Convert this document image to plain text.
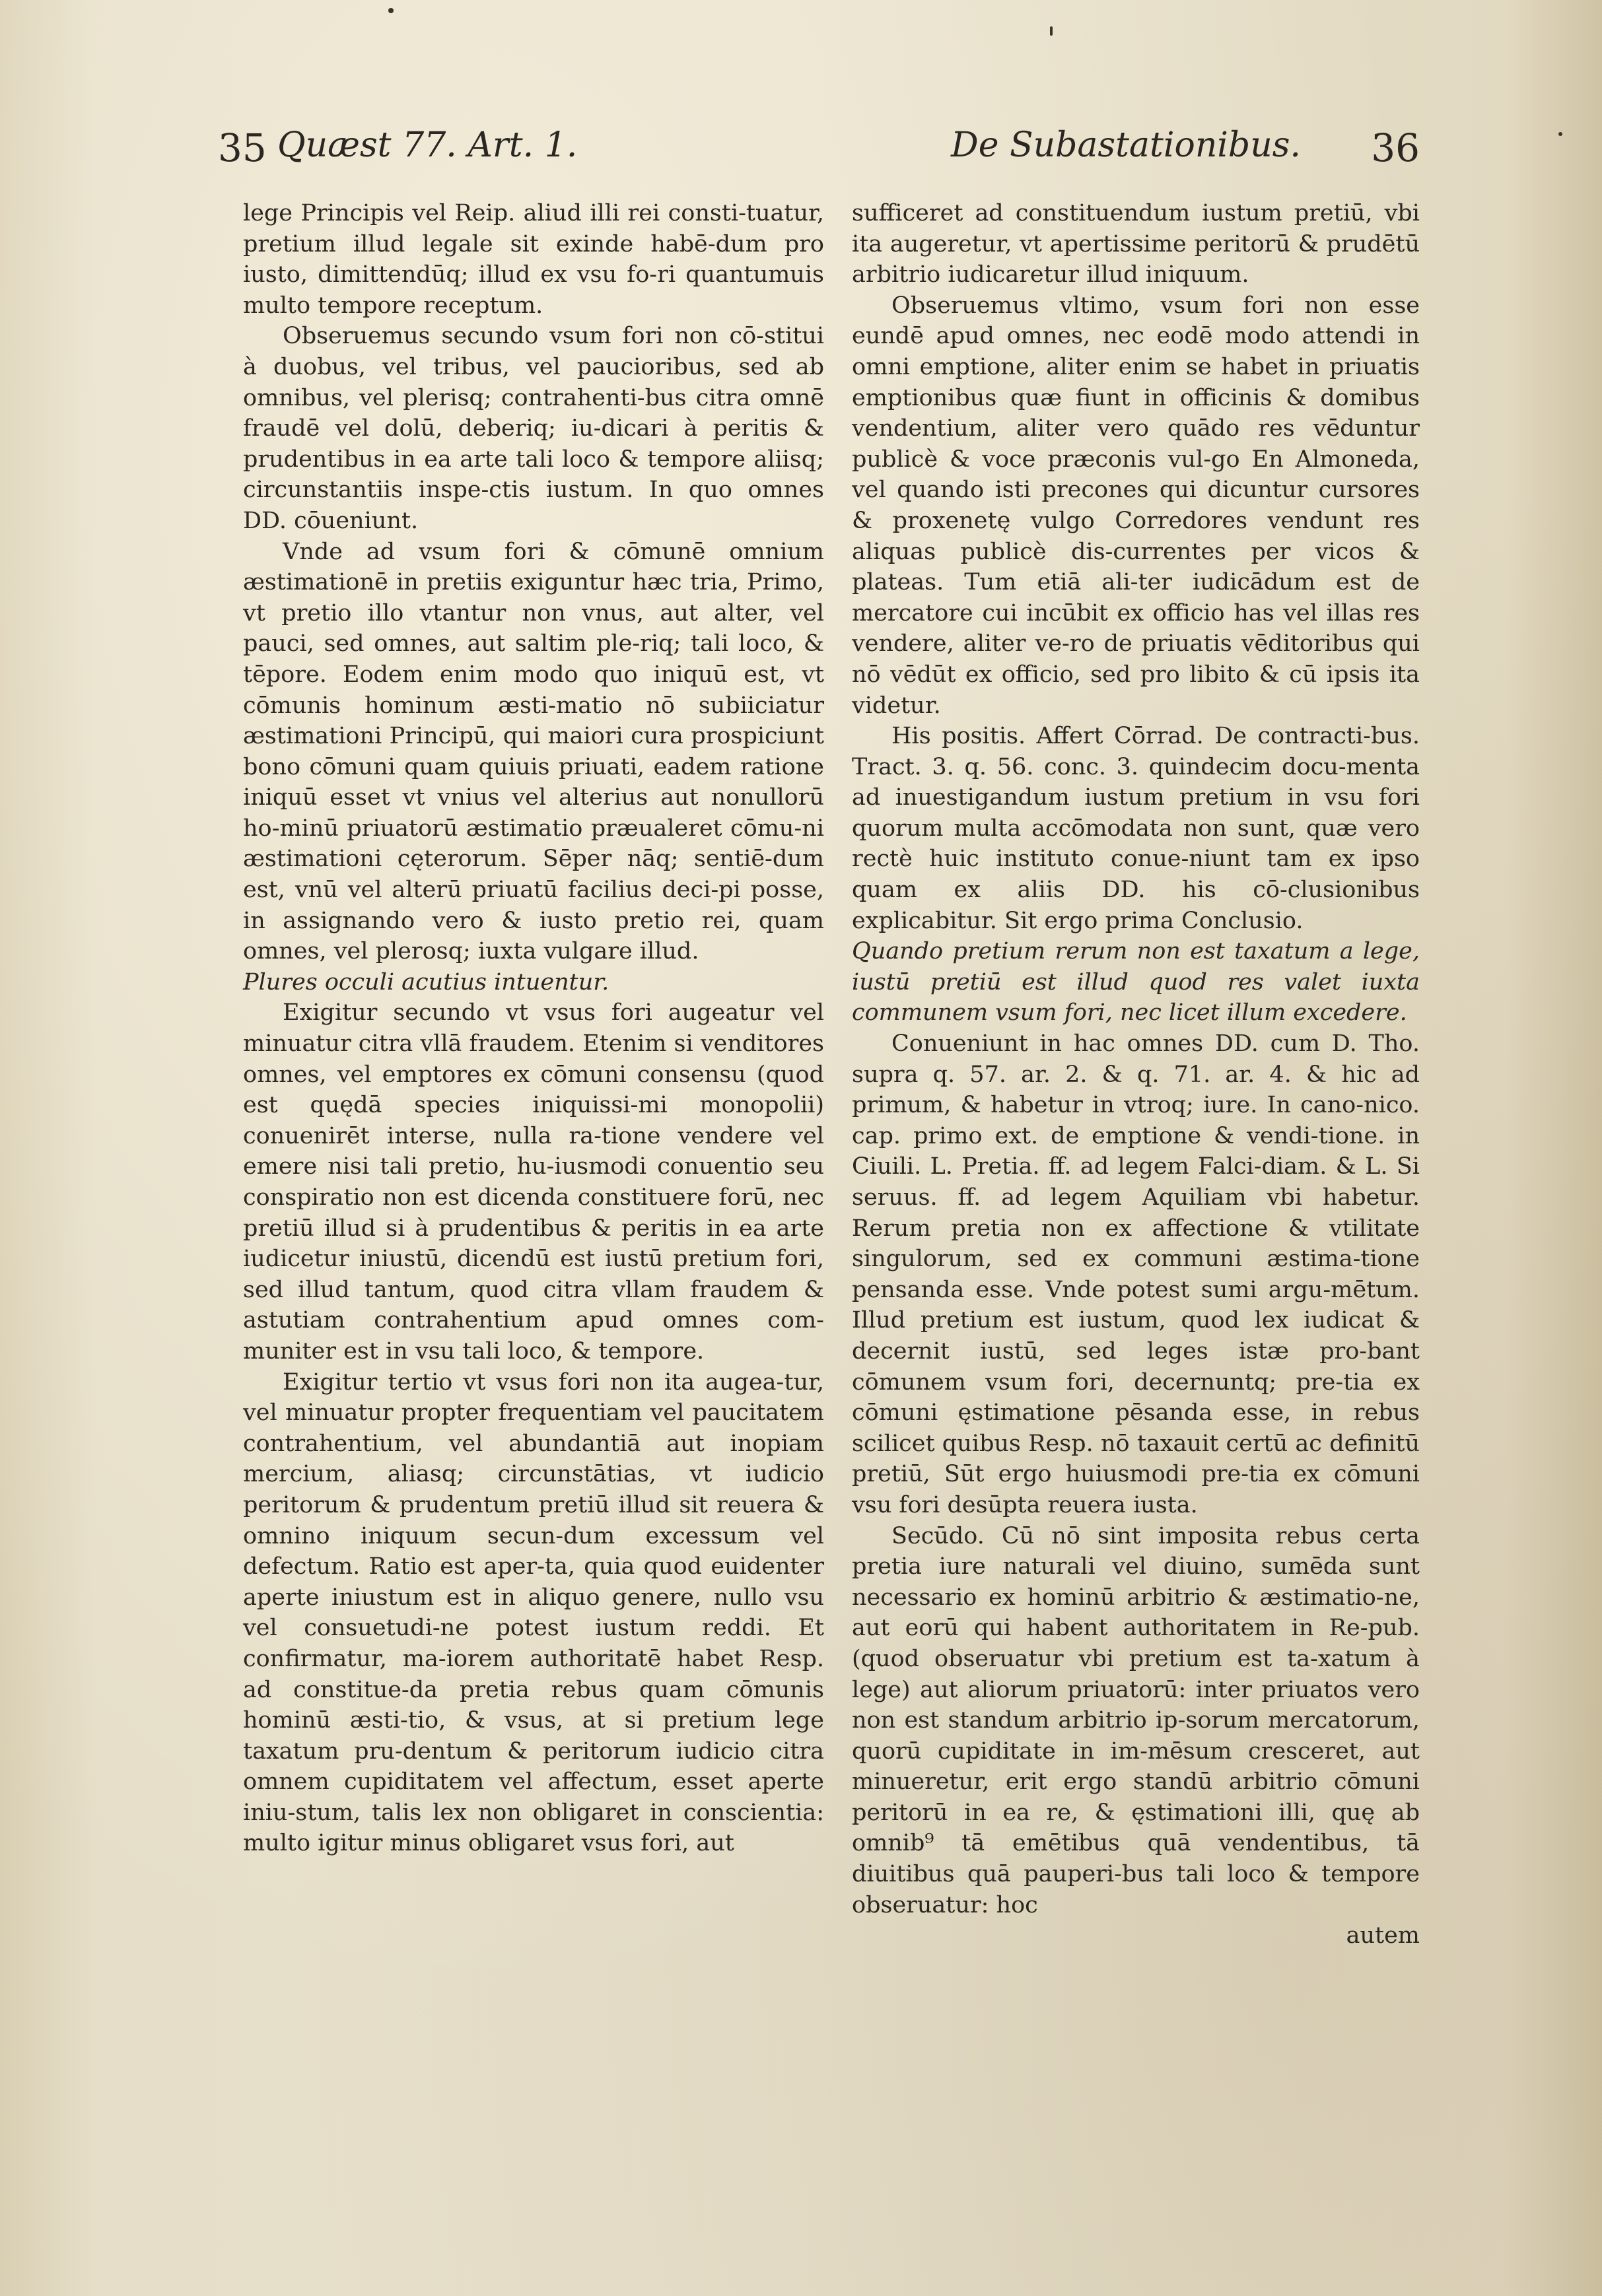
35 Quæst 77. Art. 1.	De Subastationibus. 36

lege Principis vel Reip. aliud illi rei consti-tuatur, pretium illud legale sit exinde habē-dum pro iusto, dimittendūq; illud ex vsu fo-ri quantumuis multo tempore receptum.

Obseruemus secundo vsum fori non cō-stitui à duobus, vel tribus, vel paucioribus, sed ab omnibus, vel plerisq; contrahenti-bus citra omnē fraudē vel dolū, deberiq; iu-dicari à peritis & prudentibus in ea arte tali loco & tempore aliisq; circunstantiis inspe-ctis iustum. In quo omnes DD. cōueniunt.

Vnde ad vsum fori & cōmunē omnium æstimationē in pretiis exiguntur hæc tria, Primo, vt pretio illo vtantur non vnus, aut alter, vel pauci, sed omnes, aut saltim ple-riq; tali loco, & tēpore. Eodem enim modo quo iniquū est, vt cōmunis hominum æsti-matio nō subiiciatur æstimationi Principū, qui maiori cura prospiciunt bono cōmuni quam quiuis priuati, eadem ratione iniquū esset vt vnius vel alterius aut nonullorū ho-minū priuatorū æstimatio præualeret cōmu-ni æstimationi cęterorum. Sēper nāq; sentiē-dum est, vnū vel alterū priuatū facilius deci-pi posse, in assignando vero & iusto pretio rei, quam omnes, vel plerosq; iuxta vulgare illud.

Plures occuli acutius intuentur.

Exigitur secundo vt vsus fori augeatur vel minuatur citra vllā fraudem. Etenim si venditores omnes, vel emptores ex cōmuni consensu (quod est quędā species iniquissi-mi monopolii) conuenirēt interse, nulla ra-tione vendere vel emere nisi tali pretio, hu-iusmodi conuentio seu conspiratio non est dicenda constituere forū, nec pretiū illud si à prudentibus & peritis in ea arte iudicetur iniustū, dicendū est iustū pretium fori, sed illud tantum, quod citra vllam fraudem & astutiam contrahentium apud omnes com-muniter est in vsu tali loco, & tempore.

Exigitur tertio vt vsus fori non ita augea-tur, vel minuatur propter frequentiam vel paucitatem contrahentium, vel abundantiā aut inopiam mercium, aliasq; circunstātias, vt iudicio peritorum & prudentum pretiū illud sit reuera & omnino iniquum secun-dum excessum vel defectum. Ratio est aper-ta, quia quod euidenter aperte iniustum est in aliquo genere, nullo vsu vel consuetudi-ne potest iustum reddi. Et confirmatur, ma-iorem authoritatē habet Resp. ad constitue-da pretia rebus quam cōmunis hominū æsti-tio, & vsus, at si pretium lege taxatum pru-dentum & peritorum iudicio citra omnem cupiditatem vel affectum, esset aperte iniu-stum, talis lex non obligaret in conscientia: multo igitur minus obligaret vsus fori, aut

sufficeret ad constituendum iustum pretiū, vbi ita augeretur, vt apertissime peritorū & prudētū arbitrio iudicaretur illud iniquum.

Obseruemus vltimo, vsum fori non esse eundē apud omnes, nec eodē modo attendi in omni emptione, aliter enim se habet in priuatis emptionibus quæ fiunt in officinis & domibus vendentium, aliter vero quādo res vēduntur publicè & voce præconis vul-go En Almoneda, vel quando isti precones qui dicuntur cursores & proxenetę vulgo Corredores vendunt res aliquas publicè dis-currentes per vicos & plateas. Tum etiā ali-ter iudicādum est de mercatore cui incūbit ex officio has vel illas res vendere, aliter ve-ro de priuatis vēditoribus qui nō vēdūt ex officio, sed pro libito & cū ipsis ita videtur.

His positis. Affert Cōrrad. De contracti-bus. Tract. 3. q. 56. conc. 3. quindecim docu-menta ad inuestigandum iustum pretium in vsu fori quorum multa accōmodata non sunt, quæ vero rectè huic instituto conue-niunt tam ex ipso quam ex aliis DD. his cō-clusionibus explicabitur. Sit ergo prima Conclusio.

Quando pretium rerum non est taxatum a lege, iustū pretiū est illud quod res valet iuxta communem vsum fori, nec licet illum excedere.

Conueniunt in hac omnes DD. cum D. Tho. supra q. 57. ar. 2. & q. 71. ar. 4. & hic ad primum, & habetur in vtroq; iure. In cano-nico. cap. primo ext. de emptione & vendi-tione. in Ciuili. L. Pretia. ff. ad legem Falci-diam. & L. Si seruus. ff. ad legem Aquiliam vbi habetur. Rerum pretia non ex affectione & vtilitate singulorum, sed ex communi æstima-tione pensanda esse. Vnde potest sumi argu-mētum. Illud pretium est iustum, quod lex iudicat & decernit iustū, sed leges istæ pro-bant cōmunem vsum fori, decernuntq; pre-tia ex cōmuni ęstimatione pēsanda esse, in rebus scilicet quibus Resp. nō taxauit certū ac definitū pretiū, Sūt ergo huiusmodi pre-tia ex cōmuni vsu fori desūpta reuera iusta.

Secūdo. Cū nō sint imposita rebus certa pretia iure naturali vel diuino, sumēda sunt necessario ex hominū arbitrio & æstimatio-ne, aut eorū qui habent authoritatem in Re-pub. (quod obseruatur vbi pretium est ta-xatum à lege) aut aliorum priuatorū: inter priuatos vero non est standum arbitrio ip-sorum mercatorum, quorū cupiditate in im-mēsum cresceret, aut minueretur, erit ergo standū arbitrio cōmuni peritorū in ea re, & ęstimationi illi, quę ab omnib⁹ tā emētibus quā vendentibus, tā diuitibus quā pauperi-bus tali loco & tempore obseruatur: hoc

autem
